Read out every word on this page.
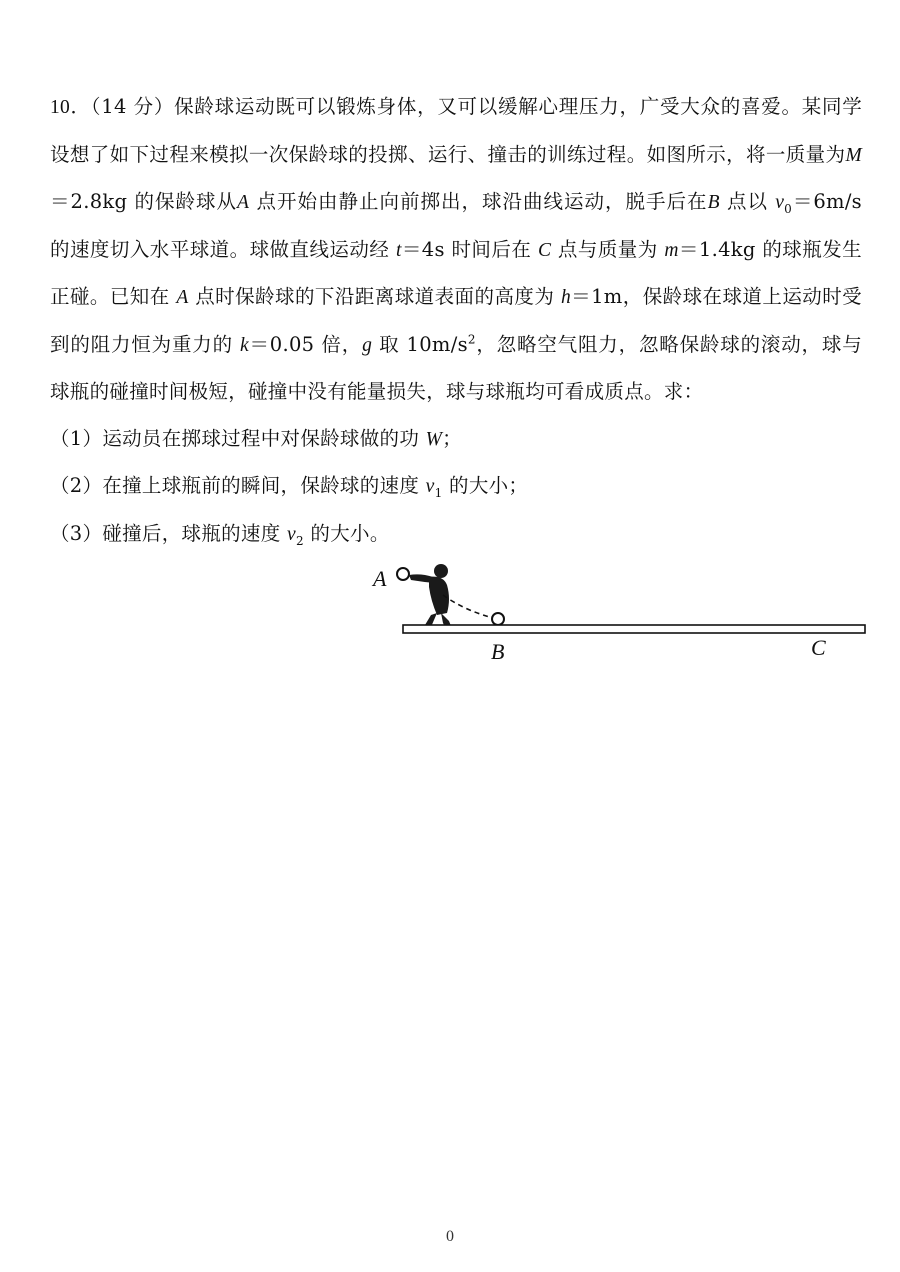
10．（14 分）保龄球运动既可以锻炼身体，又可以缓解心理压力，广受大众的喜爱。某同学设想了如下过程来模拟一次保龄球的投掷、运行、撞击的训练过程。如图所示，将一质量为M＝2.8kg 的保龄球从A 点开始由静止向前掷出，球沿曲线运动，脱手后在B 点以 $v_0=6m/s$ 的速度切入水平球道。球做直线运动经 t＝4s 时间后在 C 点与质量为 m＝1.4kg 的球瓶发生正碰。已知在 A 点时保龄球的下沿距离球道表面的高度为 h＝1m，保龄球在球道上运动时受到的阻力恒为重力的 k＝0.05 倍，g 取 $10m/s^2$，忽略空气阻力，忽略保龄球的滚动，球与球瓶的碰撞时间极短，碰撞中没有能量损失，球与球瓶均可看成质点。求：

（1）运动员在掷球过程中对保龄球做的功 W；

（2）在撞上球瓶前的瞬间，保龄球的速度 $v_1$ 的大小；

（3）碰撞后，球瓶的速度 $v_2$ 的大小。

A
B	C
0
